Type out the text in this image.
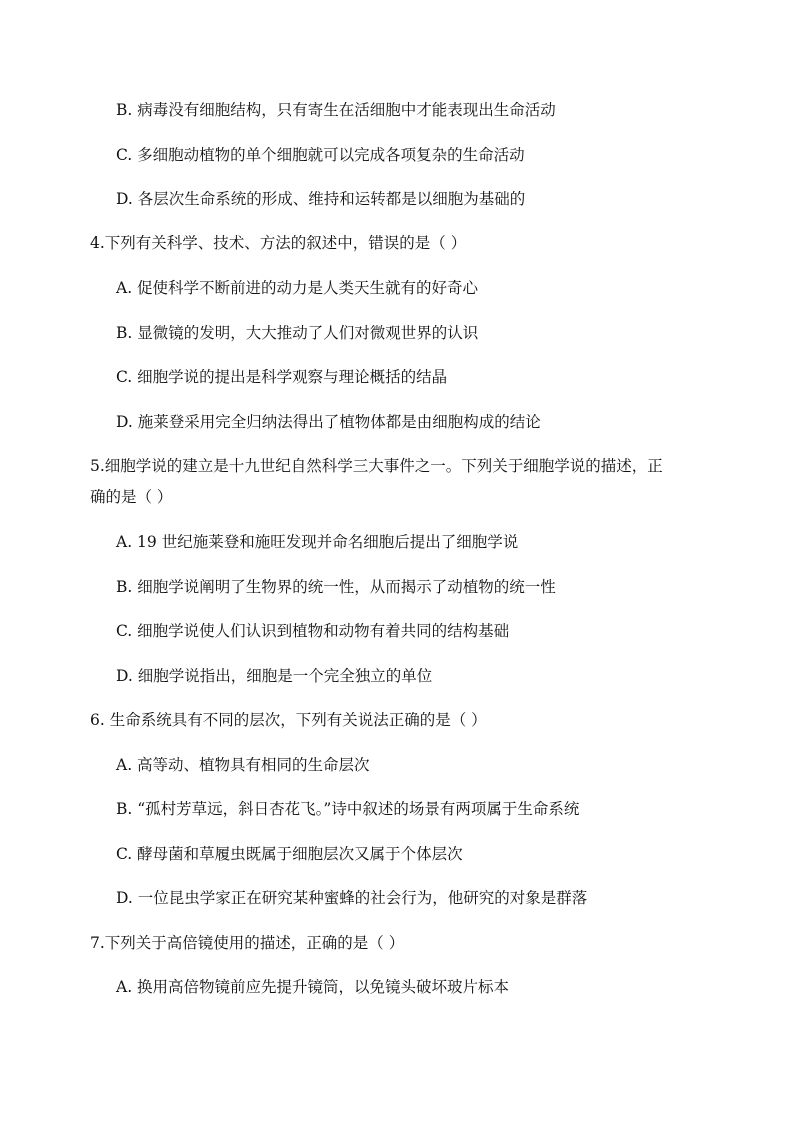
B. 病毒没有细胞结构，只有寄生在活细胞中才能表现出生命活动
C. 多细胞动植物的单个细胞就可以完成各项复杂的生命活动
D. 各层次生命系统的形成、维持和运转都是以细胞为基础的
4.下列有关科学、技术、方法的叙述中，错误的是（ ）
A. 促使科学不断前进的动力是人类天生就有的好奇心
B. 显微镜的发明，大大推动了人们对微观世界的认识
C. 细胞学说的提出是科学观察与理论概括的结晶
D. 施莱登采用完全归纳法得出了植物体都是由细胞构成的结论
5.细胞学说的建立是十九世纪自然科学三大事件之一。下列关于细胞学说的描述，正
确的是（ ）
A. 19 世纪施莱登和施旺发现并命名细胞后提出了细胞学说
B. 细胞学说阐明了生物界的统一性，从而揭示了动植物的统一性
C. 细胞学说使人们认识到植物和动物有着共同的结构基础
D. 细胞学说指出，细胞是一个完全独立的单位
6. 生命系统具有不同的层次，下列有关说法正确的是（ ）
A. 高等动、植物具有相同的生命层次
B. “孤村芳草远，斜日杏花飞。”诗中叙述的场景有两项属于生命系统
C. 酵母菌和草履虫既属于细胞层次又属于个体层次
D. 一位昆虫学家正在研究某种蜜蜂的社会行为，他研究的对象是群落
7.下列关于高倍镜使用的描述，正确的是（ ）
A. 换用高倍物镜前应先提升镜筒，以免镜头破坏玻片标本
